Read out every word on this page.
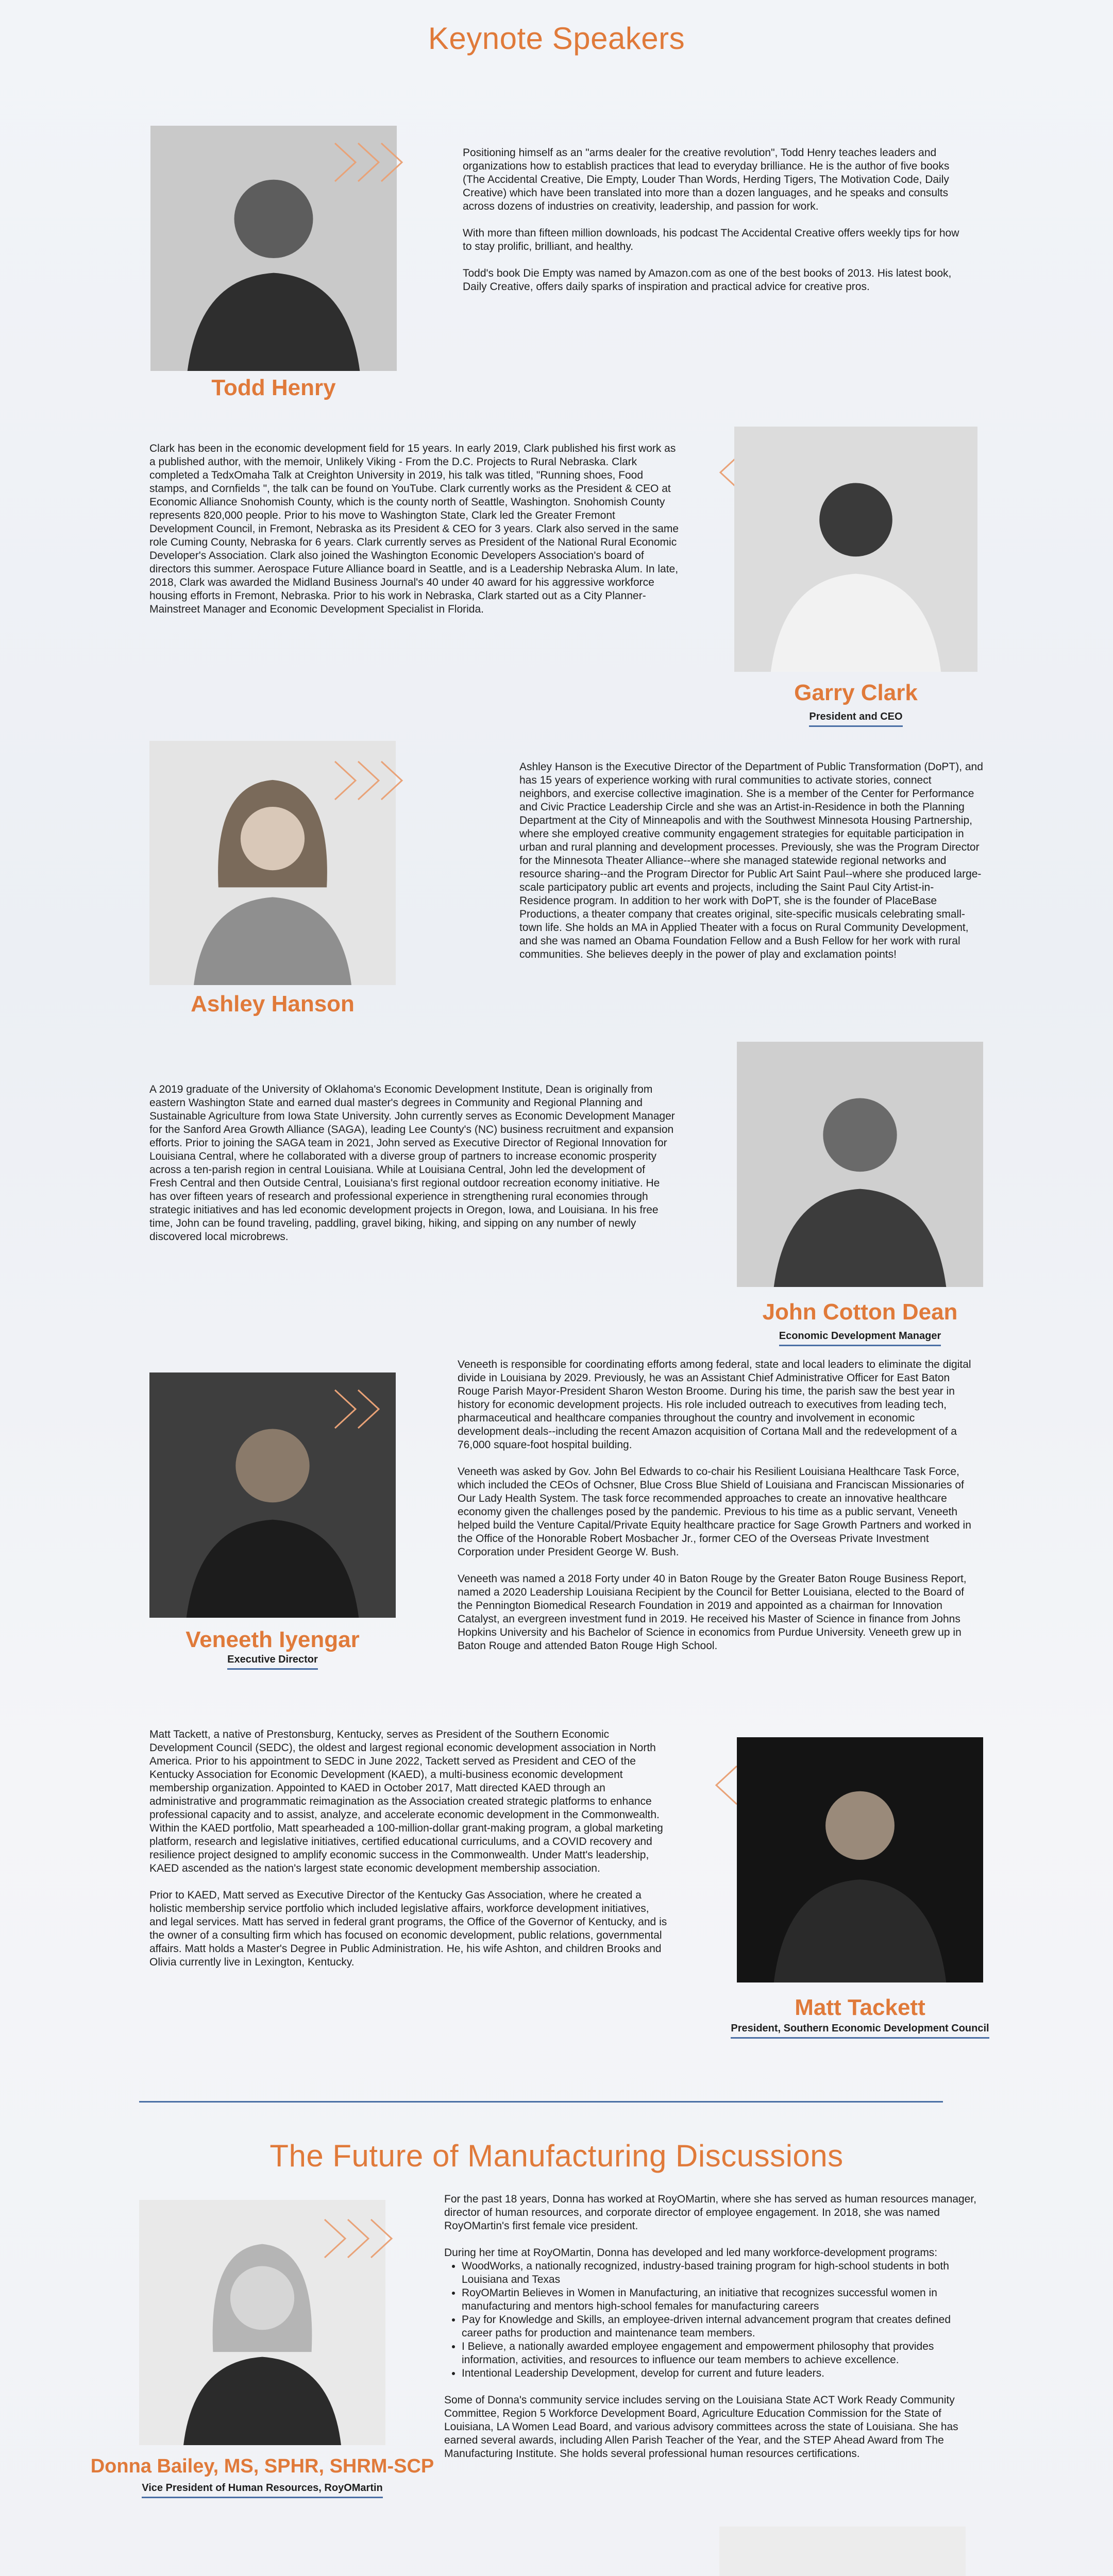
Keynote Speakers
Todd Henry

Positioning himself as an "arms dealer for the creative revolution", Todd Henry teaches leaders and organizations how to establish practices that lead to everyday brilliance. He is the author of five books (The Accidental Creative, Die Empty, Louder Than Words, Herding Tigers, The Motivation Code, Daily Creative) which have been translated into more than a dozen languages, and he speaks and consults across dozens of industries on creativity, leadership, and passion for work.

With more than fifteen million downloads, his podcast The Accidental Creative offers weekly tips for how to stay prolific, brilliant, and healthy.

Todd's book Die Empty was named by Amazon.com as one of the best books of 2013. His latest book, Daily Creative, offers daily sparks of inspiration and practical advice for creative pros.

Clark has been in the economic development field for 15 years. In early 2019, Clark published his first work as a published author, with the memoir, Unlikely Viking - From the D.C. Projects to Rural Nebraska. Clark completed a TedxOmaha Talk at Creighton University in 2019, his talk was titled, "Running shoes, Food stamps, and Cornfields ", the talk can be found on YouTube. Clark currently works as the President & CEO at Economic Alliance Snohomish County, which is the county north of Seattle, Washington. Snohomish County represents 820,000 people. Prior to his move to Washington State, Clark led the Greater Fremont Development Council, in Fremont, Nebraska as its President & CEO for 3 years. Clark also served in the same role Cuming County, Nebraska for 6 years. Clark currently serves as President of the National Rural Economic Developer's Association. Clark also joined the Washington Economic Developers Association's board of directors this summer. Aerospace Future Alliance board in Seattle, and is a Leadership Nebraska Alum. In late, 2018, Clark was awarded the Midland Business Journal's 40 under 40 award for his aggressive workforce housing efforts in Fremont, Nebraska. Prior to his work in Nebraska, Clark started out as a City Planner-Mainstreet Manager and Economic Development Specialist in Florida.

Garry Clark
President and CEO
Ashley Hanson

Ashley Hanson is the Executive Director of the Department of Public Transformation (DoPT), and has 15 years of experience working with rural communities to activate stories, connect neighbors, and exercise collective imagination. She is a member of the Center for Performance and Civic Practice Leadership Circle and she was an Artist-in-Residence in both the Planning Department at the City of Minneapolis and with the Southwest Minnesota Housing Partnership, where she employed creative community engagement strategies for equitable participation in urban and rural planning and development processes. Previously, she was the Program Director for the Minnesota Theater Alliance--where she managed statewide regional networks and resource sharing--and the Program Director for Public Art Saint Paul--where she produced large-scale participatory public art events and projects, including the Saint Paul City Artist-in-Residence program. In addition to her work with DoPT, she is the founder of PlaceBase Productions, a theater company that creates original, site-specific musicals celebrating small-town life. She holds an MA in Applied Theater with a focus on Rural Community Development, and she was named an Obama Foundation Fellow and a Bush Fellow for her work with rural communities. She believes deeply in the power of play and exclamation points!

A 2019 graduate of the University of Oklahoma's Economic Development Institute, Dean is originally from eastern Washington State and earned dual master's degrees in Community and Regional Planning and Sustainable Agriculture from Iowa State University. John currently serves as Economic Development Manager for the Sanford Area Growth Alliance (SAGA), leading Lee County's (NC) business recruitment and expansion efforts. Prior to joining the SAGA team in 2021, John served as Executive Director of Regional Innovation for Louisiana Central, where he collaborated with a diverse group of partners to increase economic prosperity across a ten-parish region in central Louisiana. While at Louisiana Central, John led the development of Fresh Central and then Outside Central, Louisiana's first regional outdoor recreation economy initiative. He has over fifteen years of research and professional experience in strengthening rural economies through strategic initiatives and has led economic development projects in Oregon, Iowa, and Louisiana. In his free time, John can be found traveling, paddling, gravel biking, hiking, and sipping on any number of newly discovered local microbrews.

John Cotton Dean
Economic Development Manager
Veneeth Iyengar
Executive Director

Veneeth is responsible for coordinating efforts among federal, state and local leaders to eliminate the digital divide in Louisiana by 2029. Previously, he was an Assistant Chief Administrative Officer for East Baton Rouge Parish Mayor-President Sharon Weston Broome. During his time, the parish saw the best year in history for economic development projects. His role included outreach to executives from leading tech, pharmaceutical and healthcare companies throughout the country and involvement in economic development deals--including the recent Amazon acquisition of Cortana Mall and the redevelopment of a 76,000 square-foot hospital building.

Veneeth was asked by Gov. John Bel Edwards to co-chair his Resilient Louisiana Healthcare Task Force, which included the CEOs of Ochsner, Blue Cross Blue Shield of Louisiana and Franciscan Missionaries of Our Lady Health System. The task force recommended approaches to create an innovative healthcare economy given the challenges posed by the pandemic. Previous to his time as a public servant, Veneeth helped build the Venture Capital/Private Equity healthcare practice for Sage Growth Partners and worked in the Office of the Honorable Robert Mosbacher Jr., former CEO of the Overseas Private Investment Corporation under President George W. Bush.

Veneeth was named a 2018 Forty under 40 in Baton Rouge by the Greater Baton Rouge Business Report, named a 2020 Leadership Louisiana Recipient by the Council for Better Louisiana, elected to the Board of the Pennington Biomedical Research Foundation in 2019 and appointed as a chairman for Innovation Catalyst, an evergreen investment fund in 2019. He received his Master of Science in finance from Johns Hopkins University and his Bachelor of Science in economics from Purdue University. Veneeth grew up in Baton Rouge and attended Baton Rouge High School.

Matt Tackett, a native of Prestonsburg, Kentucky, serves as President of the Southern Economic Development Council (SEDC), the oldest and largest regional economic development association in North America. Prior to his appointment to SEDC in June 2022, Tackett served as President and CEO of the Kentucky Association for Economic Development (KAED), a multi-business economic development membership organization. Appointed to KAED in October 2017, Matt directed KAED through an administrative and programmatic reimagination as the Association created strategic platforms to enhance professional capacity and to assist, analyze, and accelerate economic development in the Commonwealth. Within the KAED portfolio, Matt spearheaded a 100-million-dollar grant-making program, a global marketing platform, research and legislative initiatives, certified educational curriculums, and a COVID recovery and resilience project designed to amplify economic success in the Commonwealth. Under Matt's leadership, KAED ascended as the nation's largest state economic development membership association.

Prior to KAED, Matt served as Executive Director of the Kentucky Gas Association, where he created a holistic membership service portfolio which included legislative affairs, workforce development initiatives, and legal services. Matt has served in federal grant programs, the Office of the Governor of Kentucky, and is the owner of a consulting firm which has focused on economic development, public relations, governmental affairs. Matt holds a Master's Degree in Public Administration. He, his wife Ashton, and children Brooks and Olivia currently live in Lexington, Kentucky.

Matt Tackett
President, Southern Economic Development Council
The Future of Manufacturing Discussions
Donna Bailey, MS, SPHR, SHRM-SCP
Vice President of Human Resources, RoyOMartin

For the past 18 years, Donna has worked at RoyOMartin, where she has served as human resources manager, director of human resources, and corporate director of employee engagement. In 2018, she was named RoyOMartin's first female vice president.

During her time at RoyOMartin, Donna has developed and led many workforce-development programs:

• WoodWorks, a nationally recognized, industry-based training program for high-school students in both Louisiana and Texas
• RoyOMartin Believes in Women in Manufacturing, an initiative that recognizes successful women in manufacturing and mentors high-school females for manufacturing careers
• Pay for Knowledge and Skills, an employee-driven internal advancement program that creates defined career paths for production and maintenance team members.
• I Believe, a nationally awarded employee engagement and empowerment philosophy that provides information, activities, and resources to influence our team members to achieve excellence.
• Intentional Leadership Development, develop for current and future leaders.

Some of Donna's community service includes serving on the Louisiana State ACT Work Ready Community Committee, Region 5 Workforce Development Board, Agriculture Education Commission for the State of Louisiana, LA Women Lead Board, and various advisory committees across the state of Louisiana. She has earned several awards, including Allen Parish Teacher of the Year, and the STEP Ahead Award from The Manufacturing Institute. She holds several professional human resources certifications.
